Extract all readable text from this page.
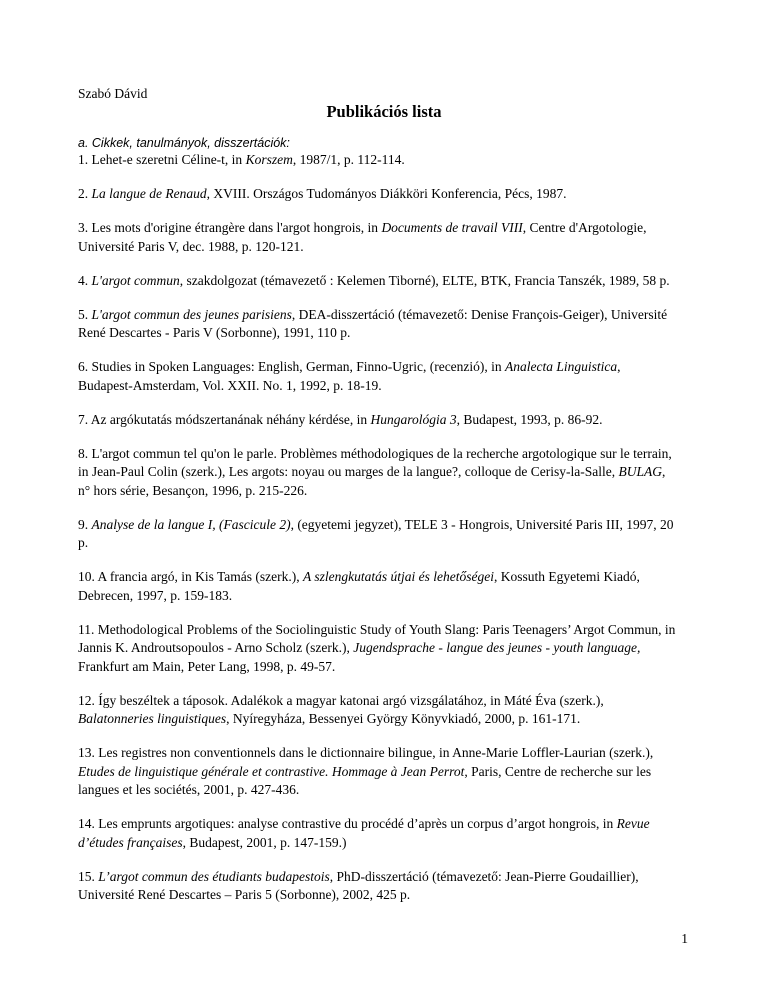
Szabó Dávid
Publikációs lista
a. Cikkek, tanulmányok, disszertációk:

1. Lehet-e szeretni Céline-t, in Korszem, 1987/1, p. 112-114.

2. La langue de Renaud, XVIII. Országos Tudományos Diákköri Konferencia, Pécs, 1987.

3. Les mots d'origine étrangère dans l'argot hongrois, in Documents de travail VIII, Centre d'Argotologie, Université Paris V, dec. 1988, p. 120-121.

4. L'argot commun, szakdolgozat (témavezető : Kelemen Tiborné), ELTE, BTK, Francia Tanszék, 1989, 58 p.

5. L'argot commun des jeunes parisiens, DEA-disszertáció (témavezető: Denise François-Geiger), Université René Descartes - Paris V (Sorbonne), 1991, 110 p.

6. Studies in Spoken Languages: English, German, Finno-Ugric, (recenzió), in Analecta Linguistica, Budapest-Amsterdam, Vol. XXII. No. 1, 1992, p. 18-19.

7. Az argókutatás módszertanának néhány kérdése, in Hungarológia 3, Budapest, 1993, p. 86-92.

8. L'argot commun tel qu'on le parle. Problèmes méthodologiques de la recherche argotologique sur le terrain, in Jean-Paul Colin (szerk.), Les argots: noyau ou marges de la langue?, colloque de Cerisy-la-Salle, BULAG, n° hors série, Besançon, 1996, p. 215-226.

9. Analyse de la langue I, (Fascicule 2), (egyetemi jegyzet), TELE 3 - Hongrois, Université Paris III, 1997, 20 p.

10. A francia argó, in Kis Tamás (szerk.), A szlengkutatás útjai és lehetőségei, Kossuth Egyetemi Kiadó, Debrecen, 1997, p. 159-183.

11. Methodological Problems of the Sociolinguistic Study of Youth Slang: Paris Teenagers’ Argot Commun, in Jannis K. Androutsopoulos - Arno Scholz (szerk.), Jugendsprache - langue des jeunes - youth language, Frankfurt am Main, Peter Lang, 1998, p. 49-57.

12. Így beszéltek a táposok. Adalékok a magyar katonai argó vizsgálatához, in Máté Éva (szerk.), Balatonneries linguistiques, Nyíregyháza, Bessenyei György Könyvkiadó, 2000, p. 161-171.

13. Les registres non conventionnels dans le dictionnaire bilingue, in Anne-Marie Loffler-Laurian (szerk.), Etudes de linguistique générale et contrastive. Hommage à Jean Perrot, Paris, Centre de recherche sur les langues et les sociétés, 2001, p. 427-436.

14. Les emprunts argotiques: analyse contrastive du procédé d’après un corpus d’argot hongrois, in Revue d’études françaises, Budapest, 2001, p. 147-159.)

15. L’argot commun des étudiants budapestois, PhD-disszertáció (témavezető: Jean-Pierre Goudaillier), Université René Descartes – Paris 5 (Sorbonne), 2002, 425 p.

1
